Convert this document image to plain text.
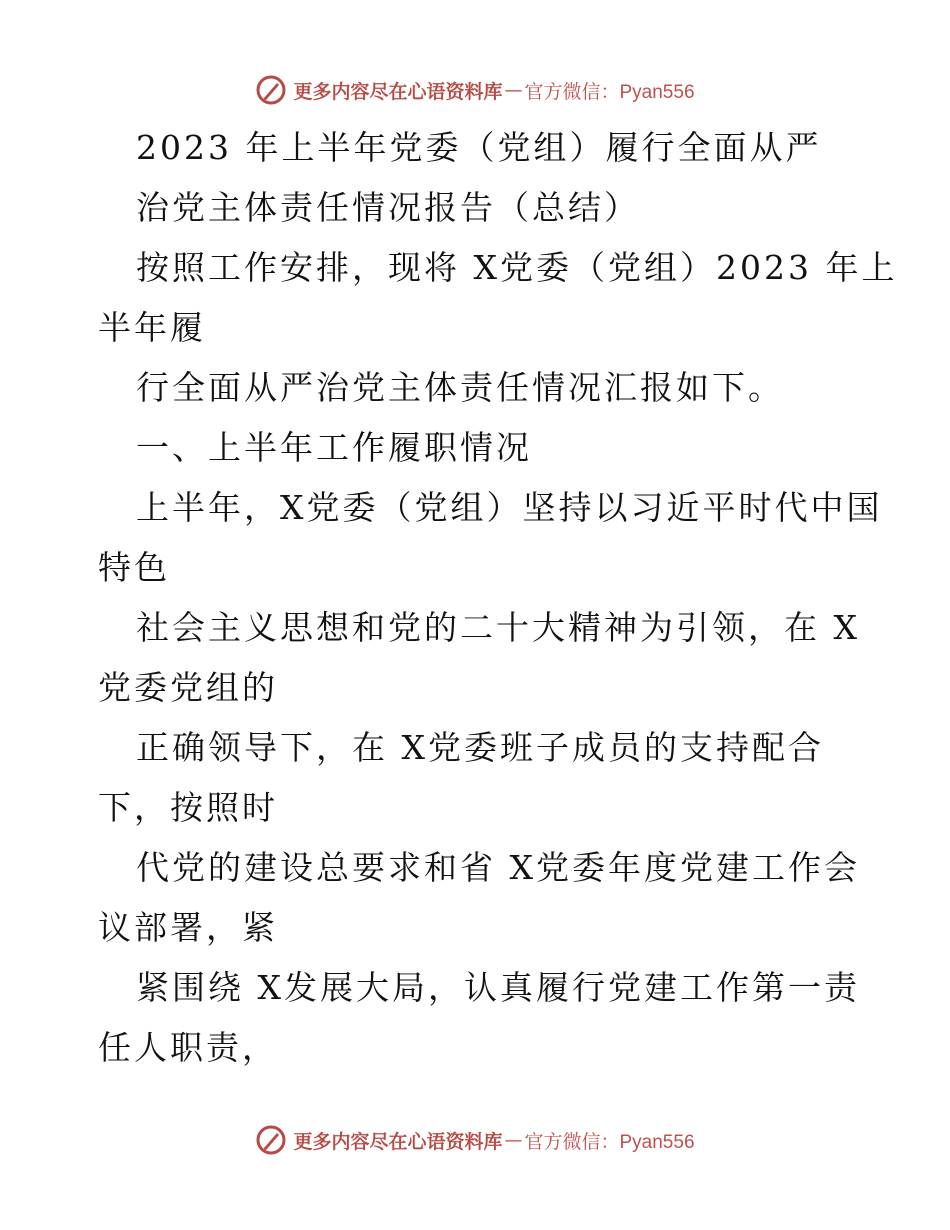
更多内容尽在心语资料库 — 官方微信：Pyan556
2023 年上半年党委（党组）履行全面从严
治党主体责任情况报告（总结）
按照工作安排，现将 X党委（党组）2023 年上
半年履
行全面从严治党主体责任情况汇报如下。
一、上半年工作履职情况
上半年，X党委（党组）坚持以习近平时代中国
特色
社会主义思想和党的二十大精神为引领，在 X
党委党组的
正确领导下，在 X党委班子成员的支持配合
下，按照时
代党的建设总要求和省 X党委年度党建工作会
议部署，紧
紧围绕 X发展大局，认真履行党建工作第一责
任人职责，
更多内容尽在心语资料库 — 官方微信：Pyan556
